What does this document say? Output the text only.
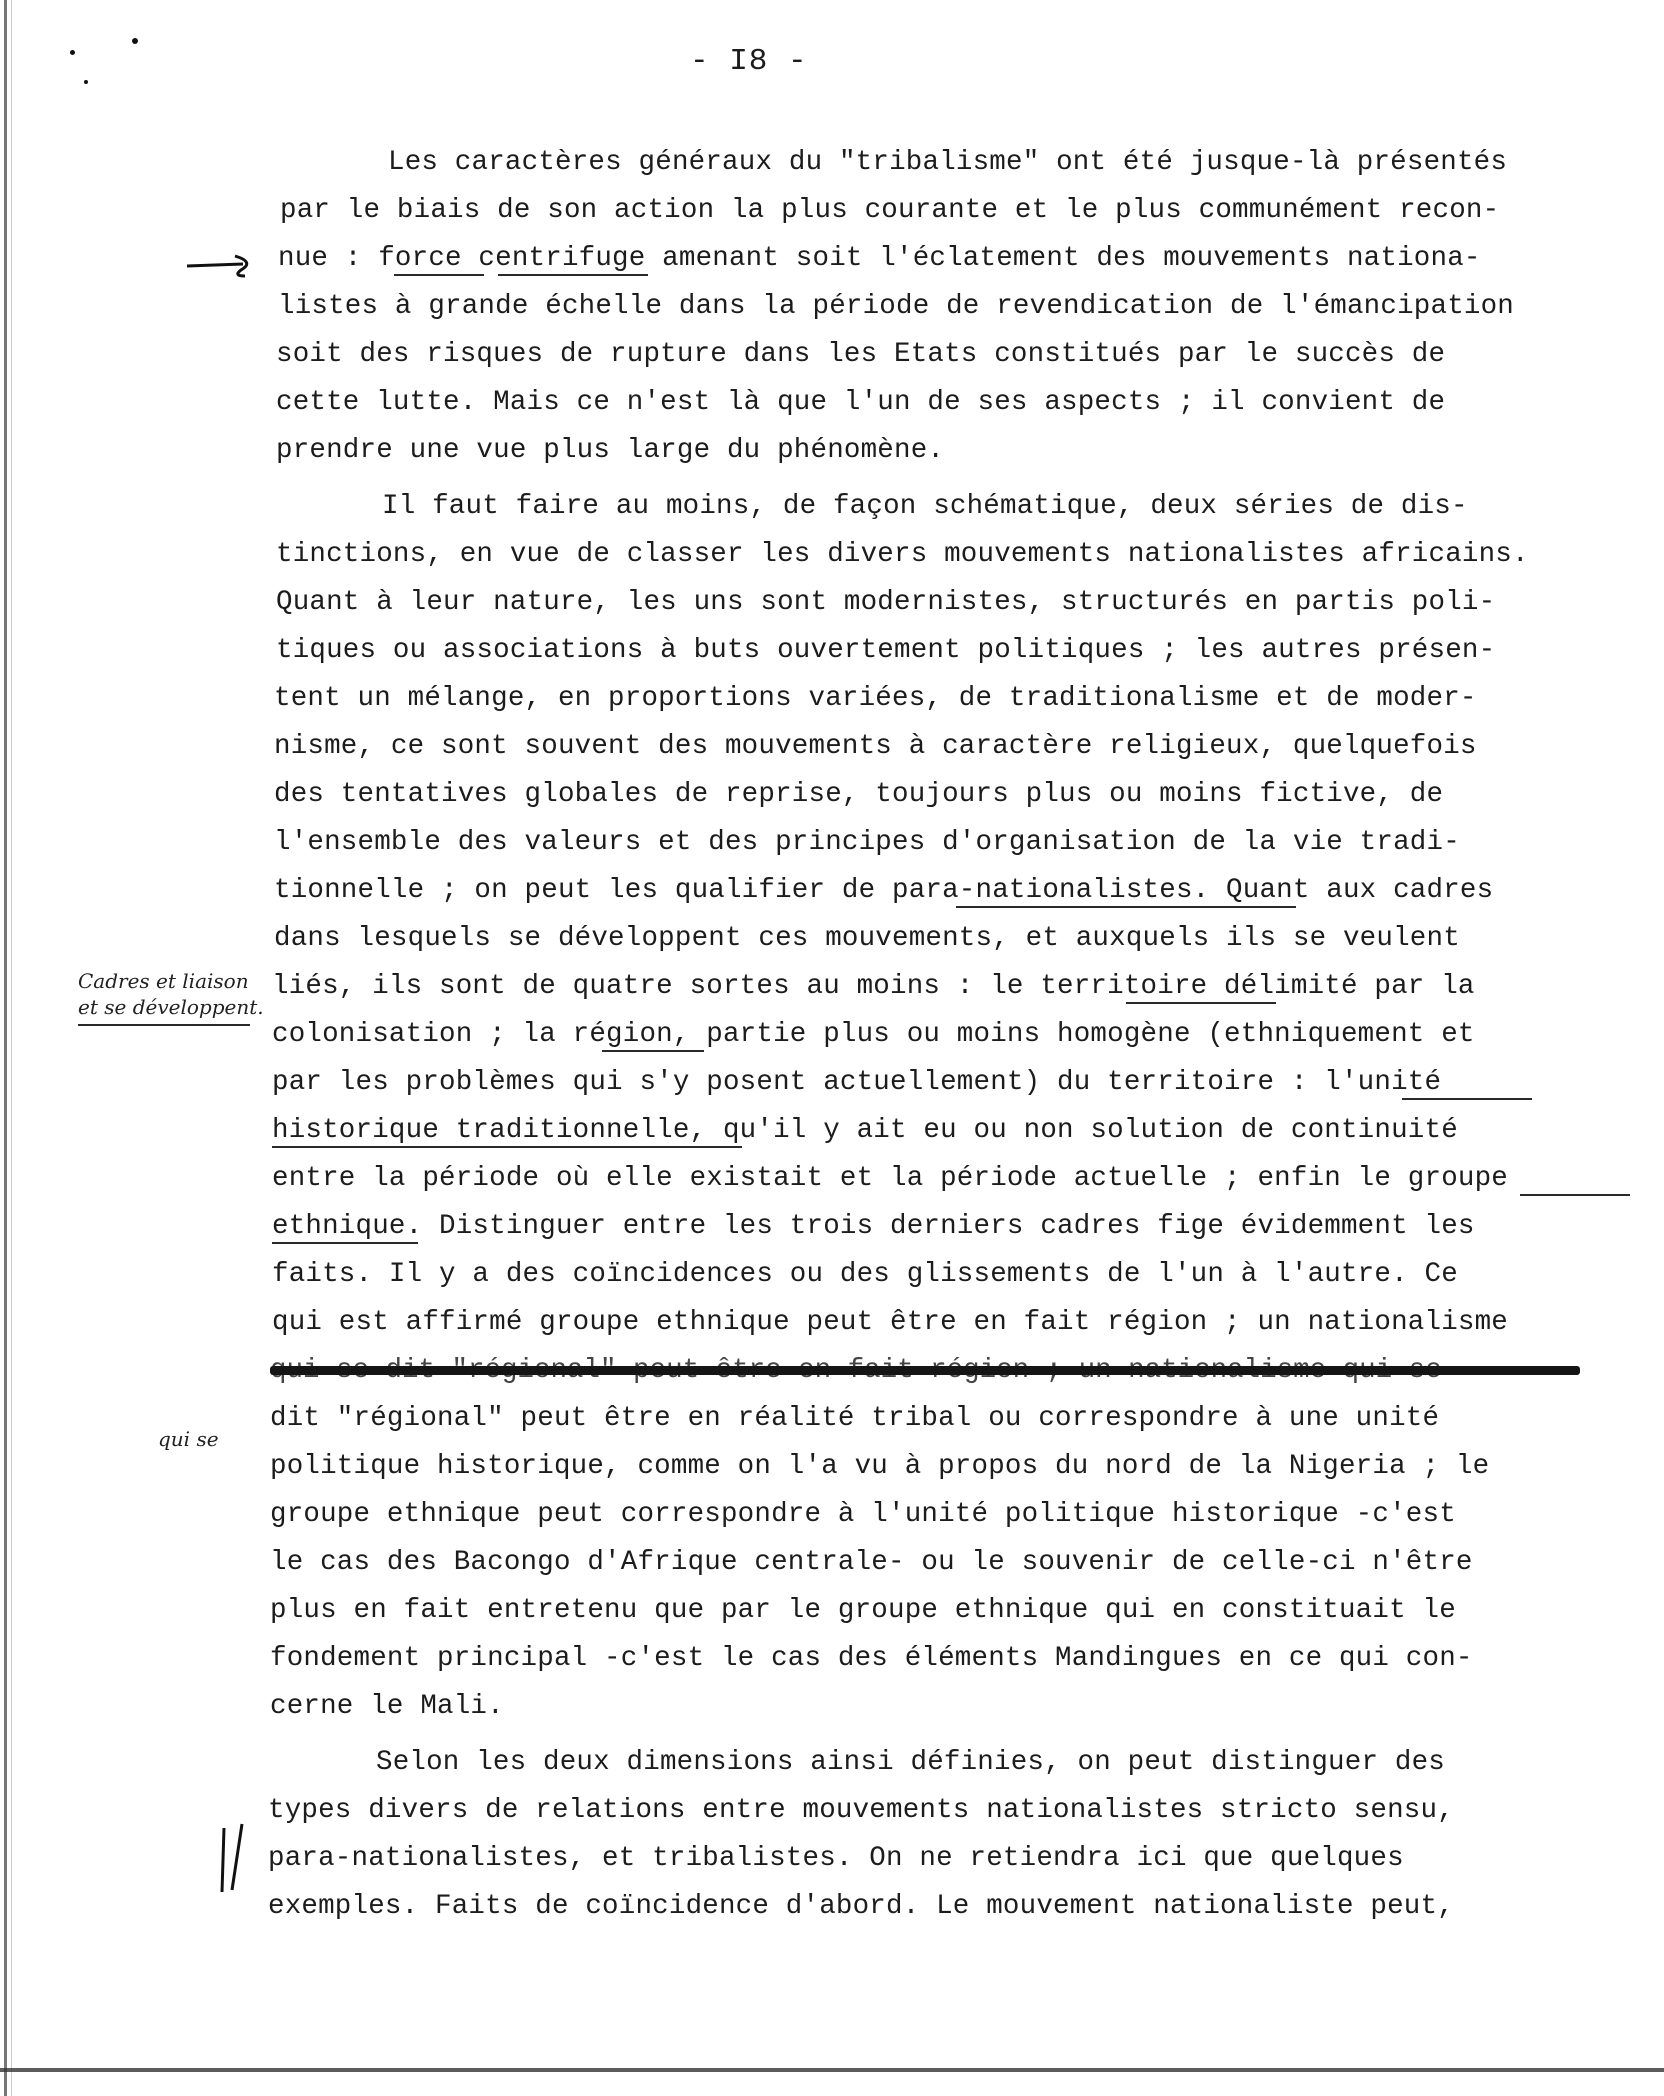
- I8 -
Cadres et liaison
et se développent.
qui se
Les caractères généraux du "tribalisme" ont été jusque-là présentés
par le biais de son action la plus courante et le plus communément recon-
nue : force centrifuge amenant soit l'éclatement des mouvements nationa-
listes à grande échelle dans la période de revendication de l'émancipation
soit des risques de rupture dans les Etats constitués par le succès de
cette lutte. Mais ce n'est là que l'un de ses aspects ; il convient de
prendre une vue plus large du phénomène.
Il faut faire au moins, de façon schématique, deux séries de dis-
tinctions, en vue de classer les divers mouvements nationalistes africains.
Quant à leur nature, les uns sont modernistes, structurés en partis poli-
tiques ou associations à buts ouvertement politiques ; les autres présen-
tent un mélange, en proportions variées, de traditionalisme et de moder-
nisme, ce sont souvent des mouvements à caractère religieux, quelquefois
des tentatives globales de reprise, toujours plus ou moins fictive, de
l'ensemble des valeurs et des principes d'organisation de la vie tradi-
tionnelle ; on peut les qualifier de para-nationalistes. Quant aux cadres
dans lesquels se développent ces mouvements, et auxquels ils se veulent
liés, ils sont de quatre sortes au moins : le territoire délimité par la
colonisation ; la région, partie plus ou moins homogène (ethniquement et
par les problèmes qui s'y posent actuellement) du territoire : l'unité
historique traditionnelle, qu'il y ait eu ou non solution de continuité
entre la période où elle existait et la période actuelle ; enfin le groupe
ethnique. Distinguer entre les trois derniers cadres fige évidemment les
faits. Il y a des coïncidences ou des glissements de l'un à l'autre. Ce
qui est affirmé groupe ethnique peut être en fait région ; un nationalisme
dit "régional" peut être en réalité tribal ou correspondre à une unité
politique historique, comme on l'a vu à propos du nord de la Nigeria ; le
groupe ethnique peut correspondre à l'unité politique historique -c'est
le cas des Bacongo d'Afrique centrale- ou le souvenir de celle-ci n'être
plus en fait entretenu que par le groupe ethnique qui en constituait le
fondement principal -c'est le cas des éléments Mandingues en ce qui con-
cerne le Mali.
Selon les deux dimensions ainsi définies, on peut distinguer des
types divers de relations entre mouvements nationalistes stricto sensu,
para-nationalistes, et tribalistes. On ne retiendra ici que quelques
exemples. Faits de coïncidence d'abord. Le mouvement nationaliste peut,
